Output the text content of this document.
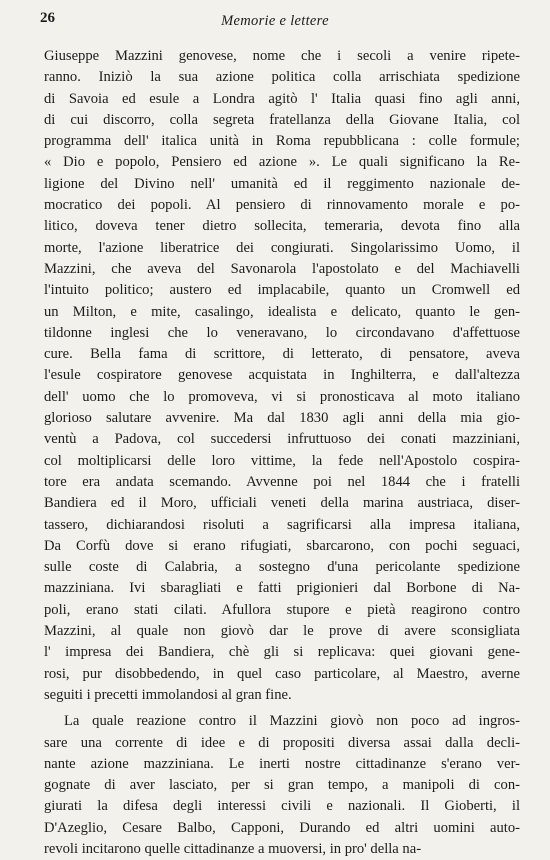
26	Memorie e lettere
Giuseppe Mazzini genovese, nome che i secoli a venire ripete-
ranno. Iniziò la sua azione politica colla arrischiata spedizione
di Savoia ed esule a Londra agitò l' Italia quasi fino agli anni,
di cui discorro, colla segreta fratellanza della Giovane Italia, col
programma dell' italica unità in Roma repubblicana : colle formule;
« Dio e popolo, Pensiero ed azione ». Le quali significano la Re-
ligione del Divino nell' umanità ed il reggimento nazionale de-
mocratico dei popoli. Al pensiero di rinnovamento morale e po-
litico, doveva tener dietro sollecita, temeraria, devota fino alla
morte, l'azione liberatrice dei congiurati. Singolarissimo Uomo, il
Mazzini, che aveva del Savonarola l'apostolato e del Machiavelli
l'intuito politico; austero ed implacabile, quanto un Cromwell ed
un Milton, e mite, casalingo, idealista e delicato, quanto le gen-
tildonne inglesi che lo veneravano, lo circondavano d'affettuose
cure. Bella fama di scrittore, di letterato, di pensatore, aveva
l'esule cospiratore genovese acquistata in Inghilterra, e dall'altezza
dell' uomo che lo promoveva, vi si pronosticava al moto italiano
glorioso salutare avvenire. Ma dal 1830 agli anni della mia gio-
ventù a Padova, col succedersi infruttuoso dei conati mazziniani,
col moltiplicarsi delle loro vittime, la fede nell'Apostolo cospira-
tore era andata scemando. Avvenne poi nel 1844 che i fratelli
Bandiera ed il Moro, ufficiali veneti della marina austriaca, diser-
tassero, dichiarandosi risoluti a sagrificarsi alla impresa italiana,
Da Corfù dove si erano rifugiati, sbarcarono, con pochi seguaci,
sulle coste di Calabria, a sostegno d'una pericolante spedizione
mazziniana. Ivi sbaragliati e fatti prigionieri dal Borbone di Na-
poli, erano stati cilati. Afullora stupore e pietà reagirono contro
Mazzini, al quale non giovò dar le prove di avere sconsigliata
l' impresa dei Bandiera, chè gli si replicava: quei giovani gene-
rosi, pur disobbedendo, in quel caso particolare, al Maestro, averne
seguiti i precetti immolandosi al gran fine.
La quale reazione contro il Mazzini giovò non poco ad ingros-
sare una corrente di idee e di propositi diversa assai dalla decli-
nante azione mazziniana. Le inerti nostre cittadinanze s'erano ver-
gognate di aver lasciato, per si gran tempo, a manipoli di con-
giurati la difesa degli interessi civili e nazionali. Il Gioberti, il
D'Azeglio, Cesare Balbo, Capponi, Durando ed altri uomini auto-
revoli incitarono quelle cittadinanze a muoversi, in pro' della na-
